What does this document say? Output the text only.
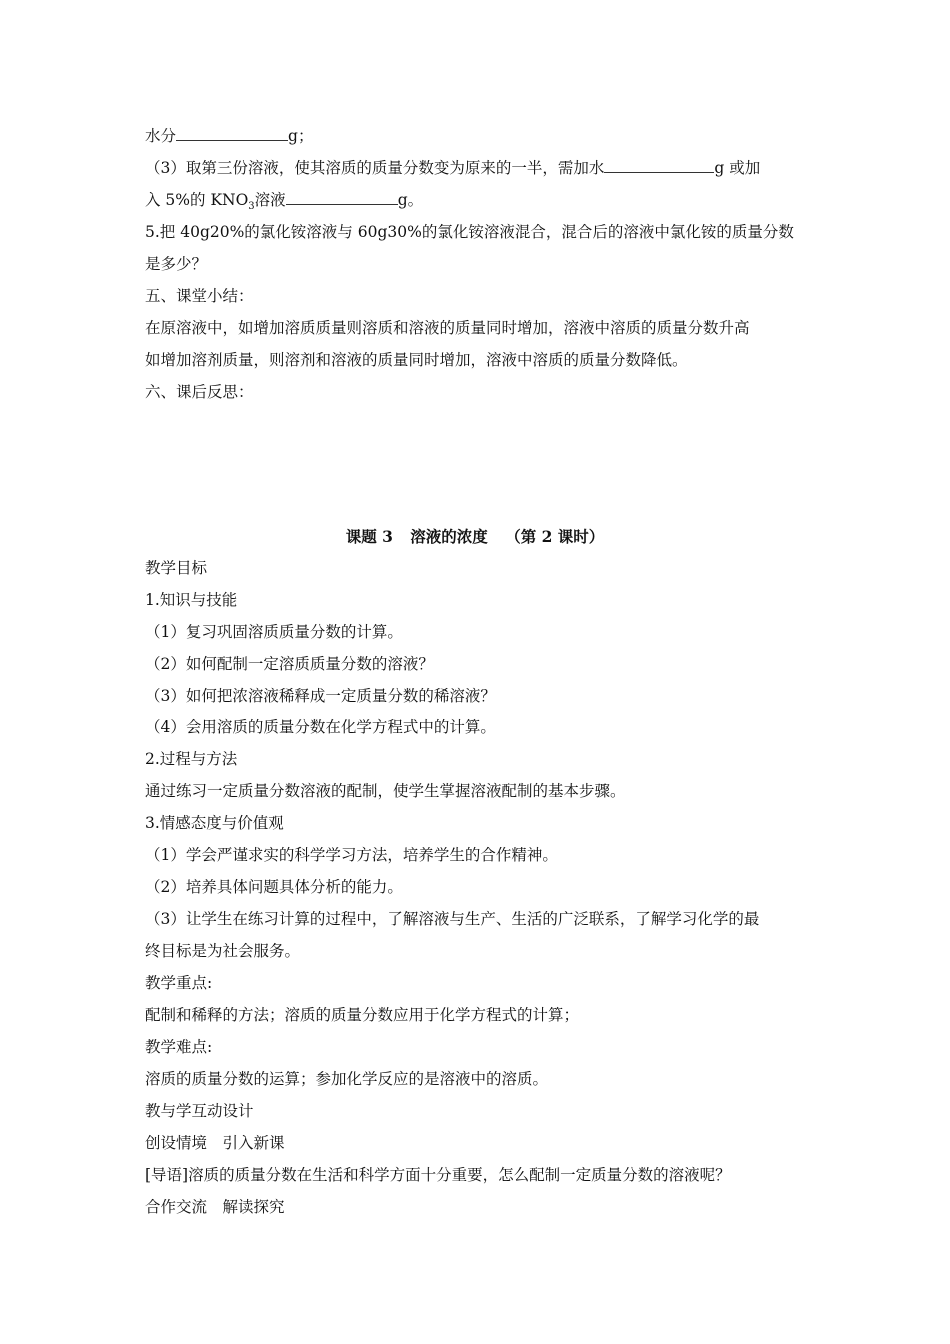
水分	g；
（3）取第三份溶液，使其溶质的质量分数变为原来的一半，需加水	g 或加
入 5%的 $KNO_3$溶液	g。
5.把 40g20%的氯化铵溶液与 60g30%的氯化铵溶液混合，混合后的溶液中氯化铵的质量分数
是多少？
五、课堂小结：
在原溶液中，如增加溶质质量则溶质和溶液的质量同时增加，溶液中溶质的质量分数升高
如增加溶剂质量，则溶剂和溶液的质量同时增加，溶液中溶质的质量分数降低。
六、课后反思：
课题 3 溶液的浓度 （第 2 课时）
教学目标
1.知识与技能
（1）复习巩固溶质质量分数的计算。
（2）如何配制一定溶质质量分数的溶液？
（3）如何把浓溶液稀释成一定质量分数的稀溶液？
（4）会用溶质的质量分数在化学方程式中的计算。
2.过程与方法
通过练习一定质量分数溶液的配制，使学生掌握溶液配制的基本步骤。
3.情感态度与价值观
（1）学会严谨求实的科学学习方法，培养学生的合作精神。
（2）培养具体问题具体分析的能力。
（3）让学生在练习计算的过程中，了解溶液与生产、生活的广泛联系，了解学习化学的最
终目标是为社会服务。
教学重点:
配制和稀释的方法；溶质的质量分数应用于化学方程式的计算；
教学难点:
溶质的质量分数的运算；参加化学反应的是溶液中的溶质。
教与学互动设计
创设情境　引入新课
[导语]溶质的质量分数在生活和科学方面十分重要，怎么配制一定质量分数的溶液呢？
合作交流　解读探究
